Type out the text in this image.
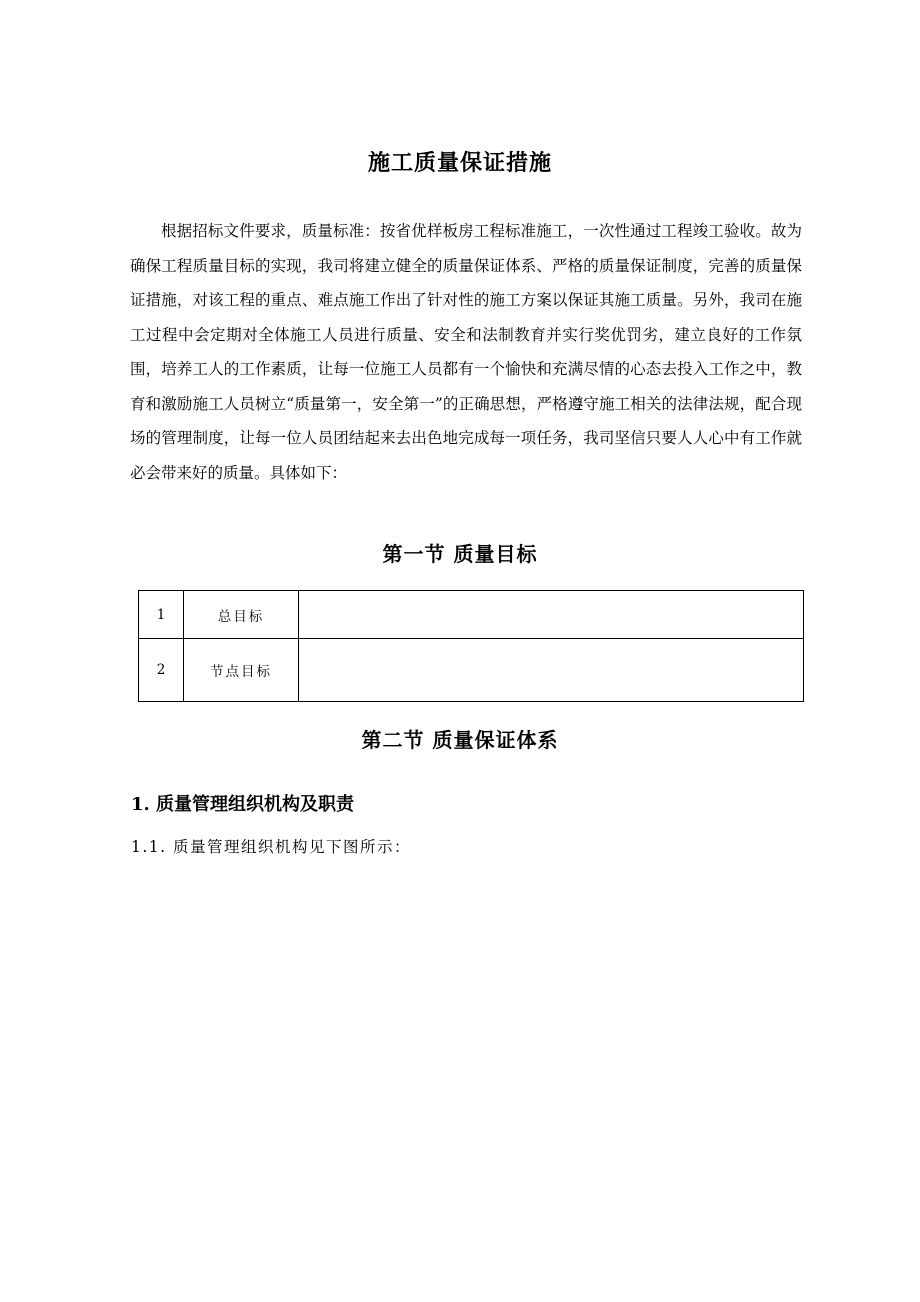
施工质量保证措施

根据招标文件要求，质量标准：按省优样板房工程标准施工，一次性通过工程竣工验收。故为确保工程质量目标的实现，我司将建立健全的质量保证体系、严格的质量保证制度，完善的质量保证措施，对该工程的重点、难点施工作出了针对性的施工方案以保证其施工质量。另外，我司在施工过程中会定期对全体施工人员进行质量、安全和法制教育并实行奖优罚劣，建立良好的工作氛围，培养工人的工作素质，让每一位施工人员都有一个愉快和充满尽情的心态去投入工作之中，教育和激励施工人员树立“质量第一，安全第一”的正确思想，严格遵守施工相关的法律法规，配合现场的管理制度，让每一位人员团结起来去出色地完成每一项任务，我司坚信只要人人心中有工作就必会带来好的质量。具体如下：

第一节 质量目标
1	总目标	
2	节点目标	
第二节 质量保证体系
1. 质量管理组织机构及职责
1.1. 质量管理组织机构见下图所示：
